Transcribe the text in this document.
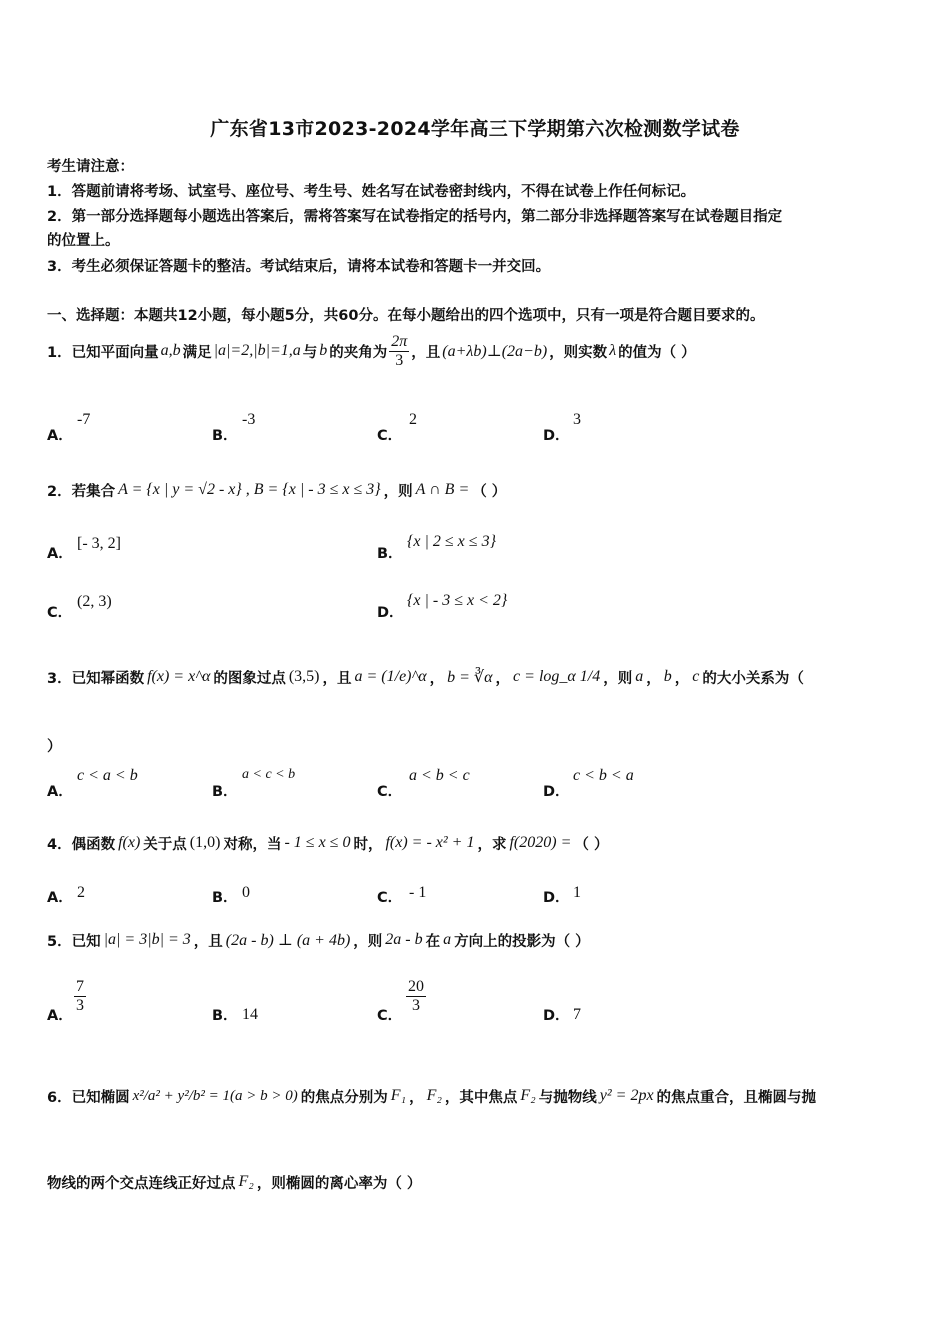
广东省13市2023-2024学年高三下学期第六次检测数学试卷
考生请注意：
1．答题前请将考场、试室号、座位号、考生号、姓名写在试卷密封线内，不得在试卷上作任何标记。
2．第一部分选择题每小题选出答案后，需将答案写在试卷指定的括号内，第二部分非选择题答案写在试卷题目指定
的位置上。
3．考生必须保证答题卡的整洁。考试结束后，请将本试卷和答题卡一并交回。
一、选择题：本题共12小题，每小题5分，共60分。在每小题给出的四个选项中，只有一项是符合题目要求的。
1．已知平面向量 a,b 满足 |a|=2,|b|=1,a 与 b 的夹角为 $\frac{2\pi}{3}$ ，且 (a+λb)⊥(2a−b) ，则实数 λ 的值为（ ）
A．
-7
B．
-3
C．
2
D．
3
2．若集合 A = {x | y = √2 - x} , B = {x | - 3 ≤ x ≤ 3} ，则 A ∩ B = （ ）
A．
[- 3, 2]
B．
{x | 2 ≤ x ≤ 3}
C．
(2, 3)
D．
{x | - 3 ≤ x < 2}
3．已知幂函数 f(x) = x^α 的图象过点 (3,5) ，且 a = (1/e)^α ， b = ∛α ， c = log_α 1/4 ，则 a ， b ， c 的大小关系为（
）
A．
c < a < b
B．
a < c < b
C．
a < b < c
D．
c < b < a
4．偶函数 f(x) 关于点 (1,0) 对称，当 - 1 ≤ x ≤ 0 时， f(x) = - x² + 1 ，求 f(2020) = （ ）
A． 2	B． 0	C． - 1	D． 1
5．已知 |a| = 3|b| = 3 ，且 (2a - b) ⊥ (a + 4b) ，则 2a - b 在 a 方向上的投影为（ ）
A．
$\frac{7}{3}$
B． 14	C．
$\frac{20}{3}$
D． 7
6．已知椭圆 x²/a² + y²/b² = 1(a > b > 0) 的焦点分别为 F₁ ， F₂ ，其中焦点 F₂ 与抛物线 y² = 2px 的焦点重合，且椭圆与抛
物线的两个交点连线正好过点 F₂ ，则椭圆的离心率为（ ）
